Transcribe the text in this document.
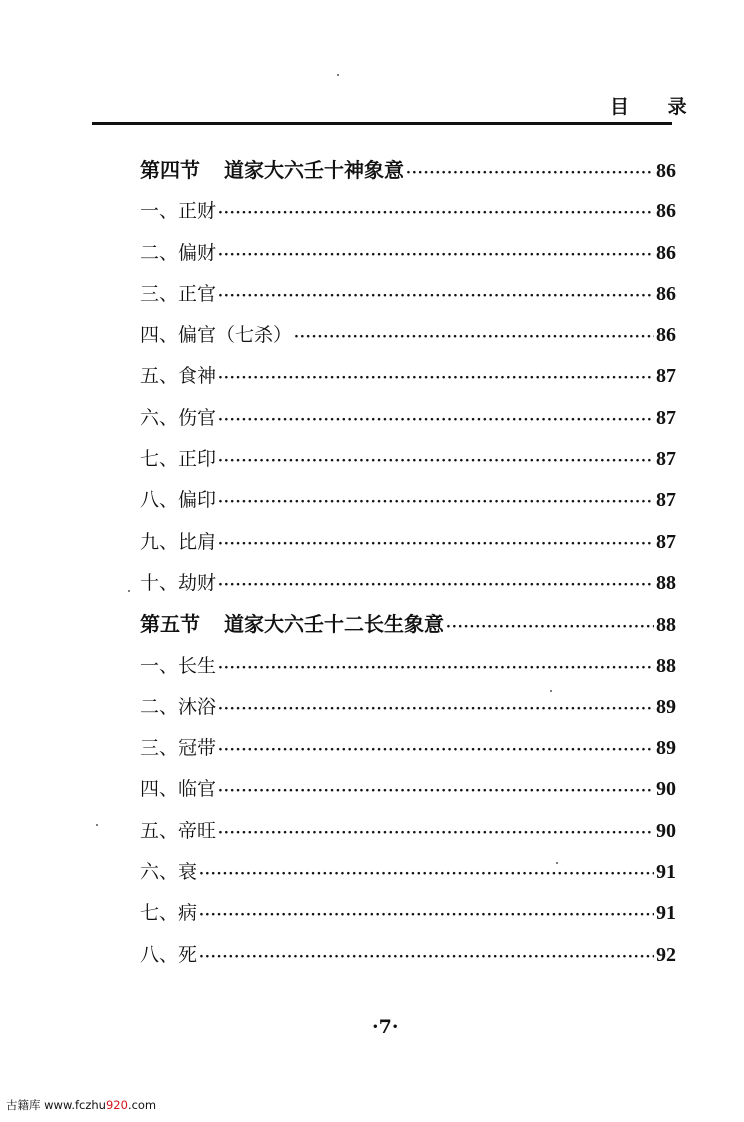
目 录
第四节 道家大六壬十神象意 ·····	86
一、正财 ·····	86
二、偏财 ·····	86
三、正官 ·····	86
四、偏官（七杀） ·····	86
五、食神 ·····	87
六、伤官 ·····	87
七、正印 ·····	87
八、偏印 ·····	87
九、比肩 ·····	87
十、劫财 ·····	88
第五节 道家大六壬十二长生象意 ·····	88
一、长生 ·····	88
二、沐浴 ·····	89
三、冠带 ·····	89
四、临官 ·····	90
五、帝旺 ·····	90
六、衰 ·····	91
七、病 ·····	91
八、死 ·····	92
·7·
古籍库 www.fczhu920.com
